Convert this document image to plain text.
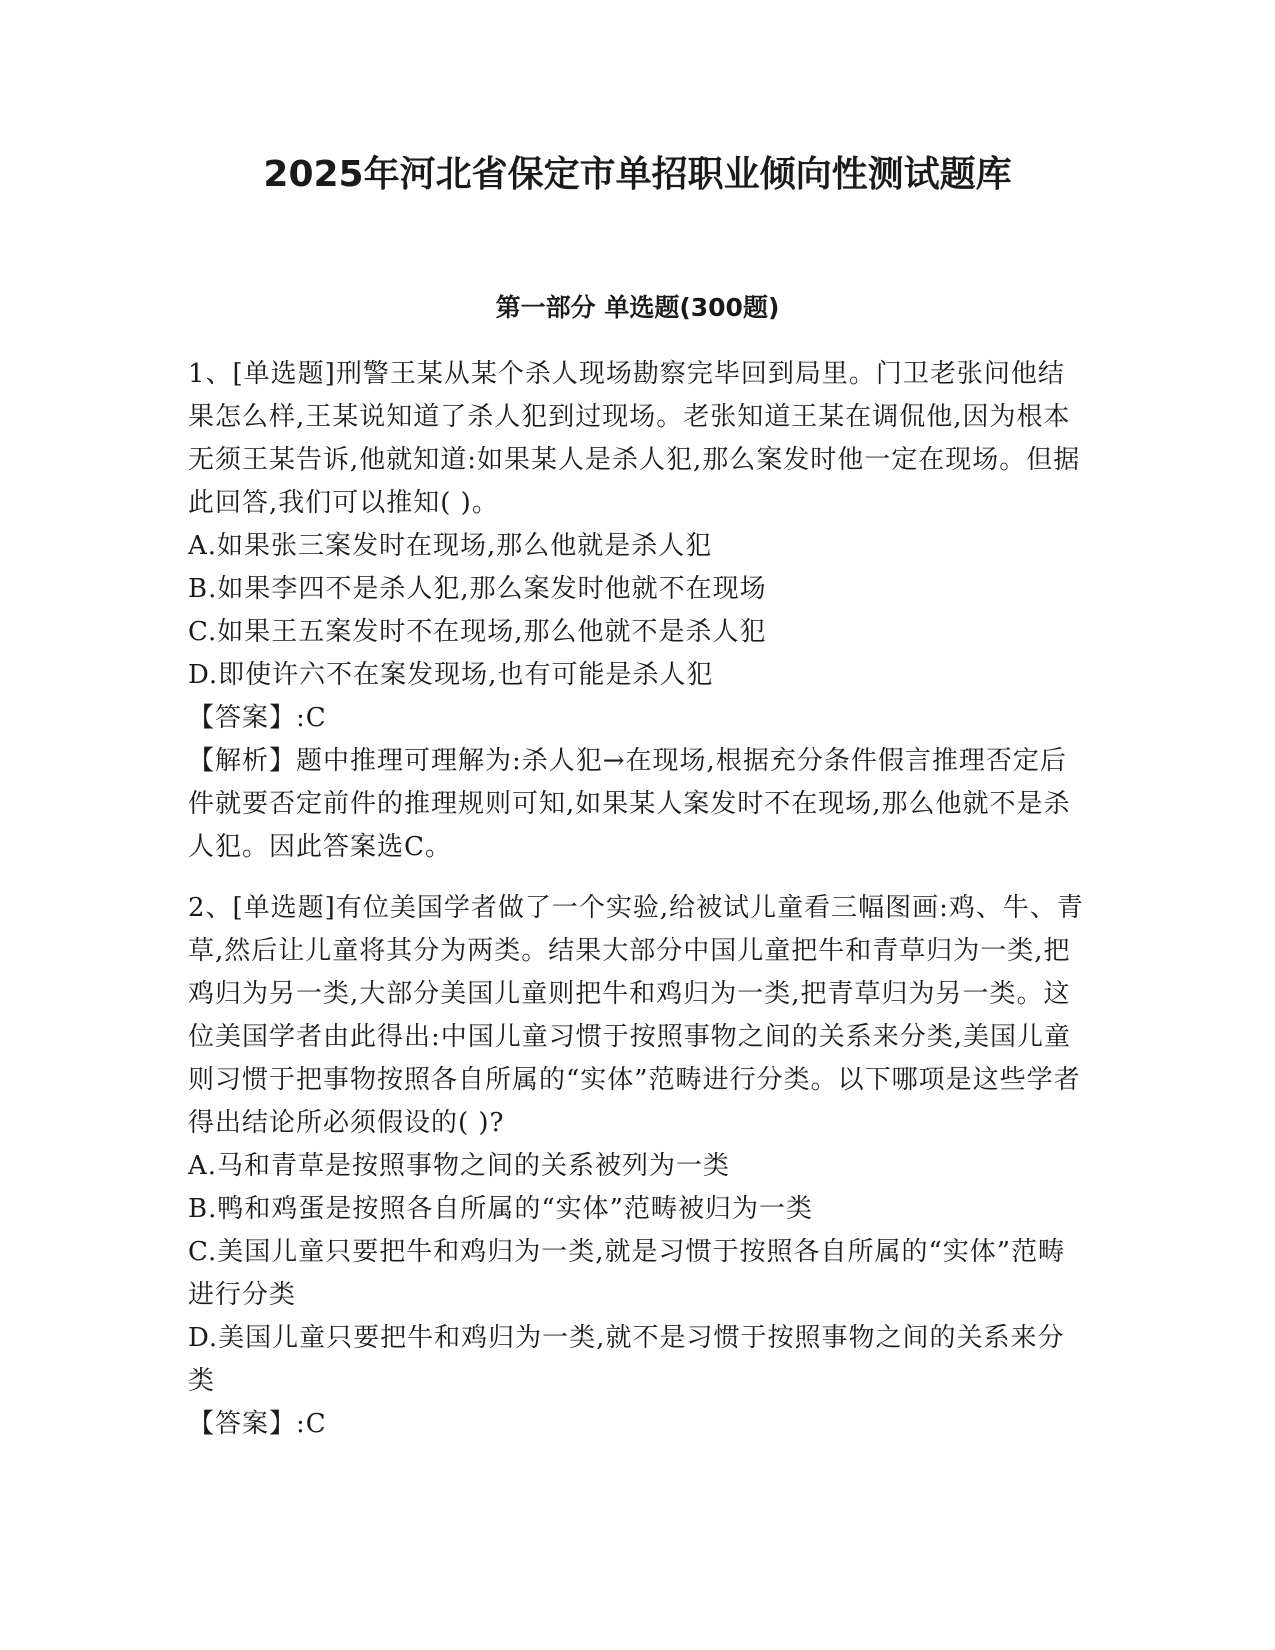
2025年河北省保定市单招职业倾向性测试题库
第一部分 单选题(300题)

1、[单选题]刑警王某从某个杀人现场勘察完毕回到局里。门卫老张问他结果怎么样,王某说知道了杀人犯到过现场。老张知道王某在调侃他,因为根本无须王某告诉,他就知道:如果某人是杀人犯,那么案发时他一定在现场。但据此回答,我们可以推知( )。

A.如果张三案发时在现场,那么他就是杀人犯

B.如果李四不是杀人犯,那么案发时他就不在现场

C.如果王五案发时不在现场,那么他就不是杀人犯

D.即使许六不在案发现场,也有可能是杀人犯

【答案】:C

【解析】题中推理可理解为:杀人犯→在现场,根据充分条件假言推理否定后件就要否定前件的推理规则可知,如果某人案发时不在现场,那么他就不是杀人犯。因此答案选C。

2、[单选题]有位美国学者做了一个实验,给被试儿童看三幅图画:鸡、牛、青草,然后让儿童将其分为两类。结果大部分中国儿童把牛和青草归为一类,把鸡归为另一类,大部分美国儿童则把牛和鸡归为一类,把青草归为另一类。这位美国学者由此得出:中国儿童习惯于按照事物之间的关系来分类,美国儿童则习惯于把事物按照各自所属的“实体”范畴进行分类。以下哪项是这些学者得出结论所必须假设的( )?

A.马和青草是按照事物之间的关系被列为一类

B.鸭和鸡蛋是按照各自所属的“实体”范畴被归为一类

C.美国儿童只要把牛和鸡归为一类,就是习惯于按照各自所属的“实体”范畴进行分类

D.美国儿童只要把牛和鸡归为一类,就不是习惯于按照事物之间的关系来分类

【答案】:C
